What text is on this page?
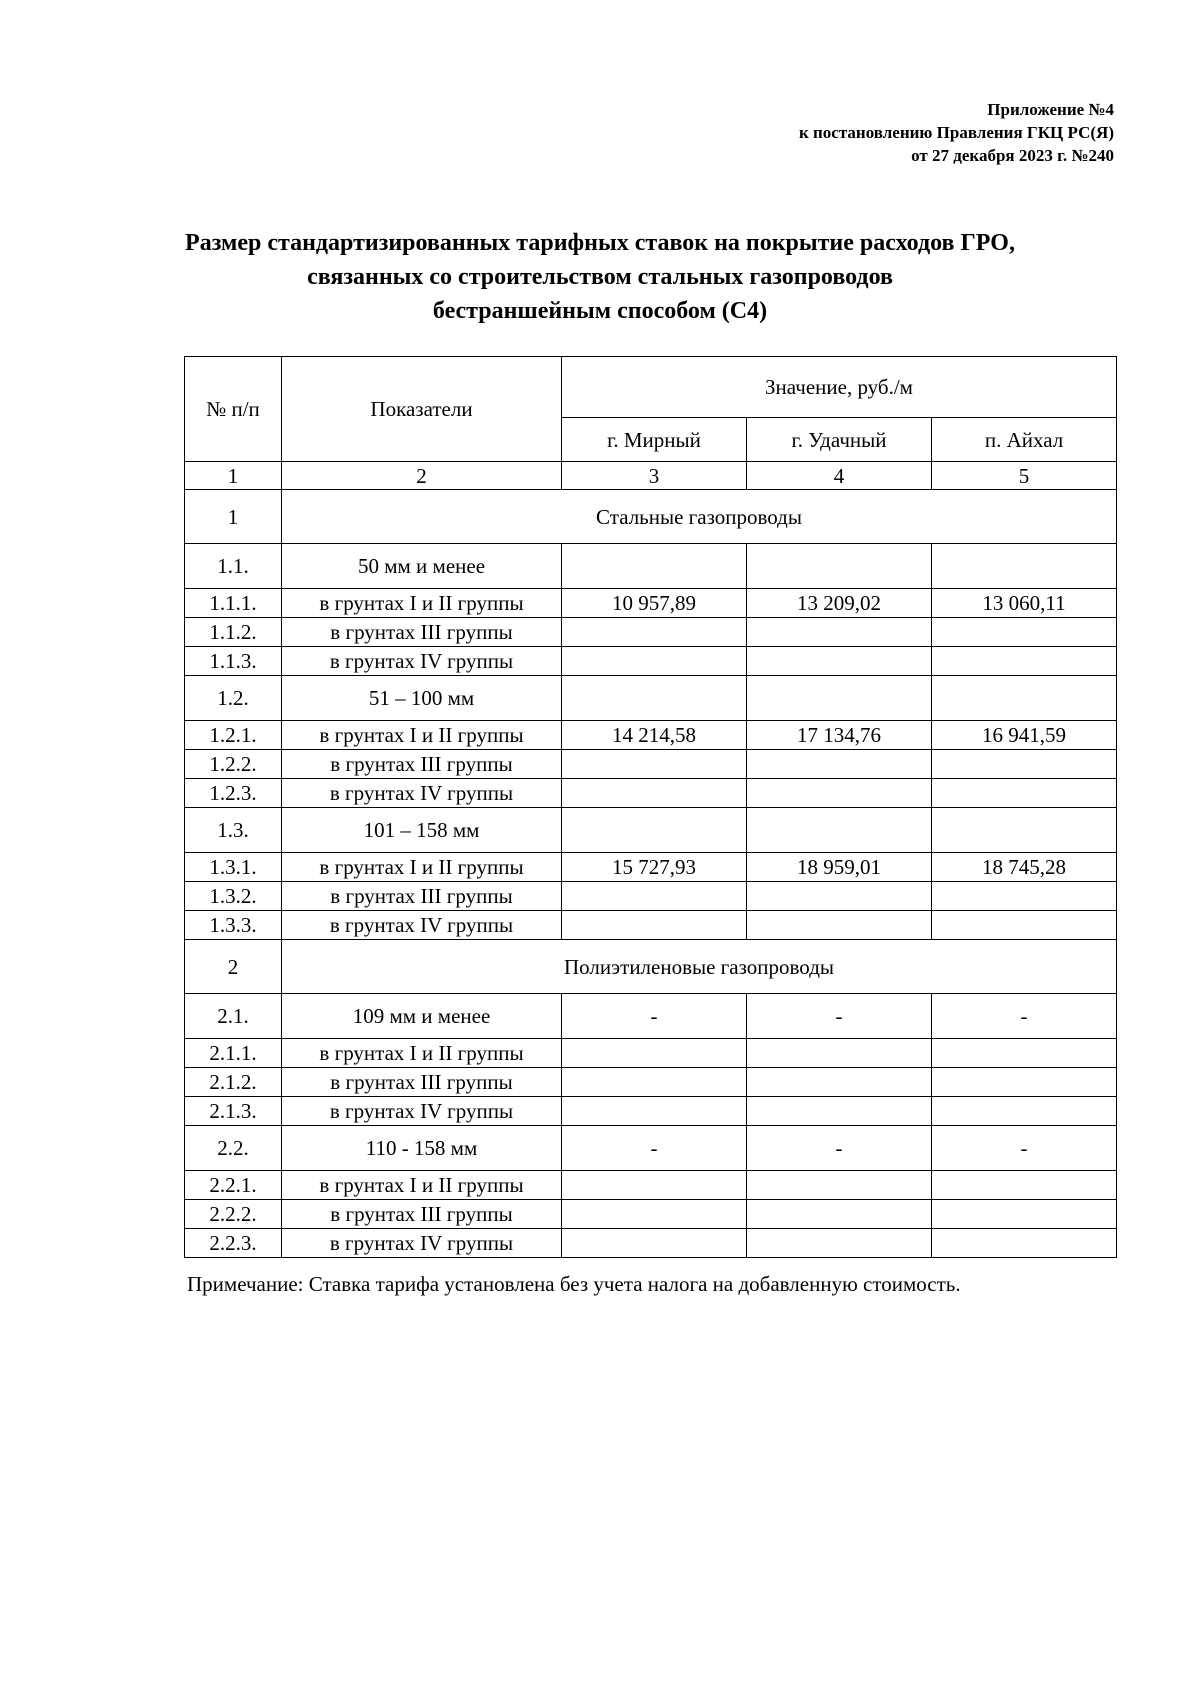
Приложение №4
к постановлению Правления ГКЦ РС(Я)
от 27 декабря 2023 г. №240
Размер стандартизированных тарифных ставок на покрытие расходов ГРО,
связанных со строительством стальных газопроводов
бестраншейным способом (С4)
№ п/п	Показатели	Значение, руб./м		
		г. Мирный	г. Удачный	п. Айхал
1	2	3	4	5
1	Стальные газопроводы			
1.1.	50 мм и менее			
1.1.1.	в грунтах I и II группы	10 957,89	13 209,02	13 060,11
1.1.2.	в грунтах III группы			
1.1.3.	в грунтах IV группы			
1.2.	51 – 100 мм			
1.2.1.	в грунтах I и II группы	14 214,58	17 134,76	16 941,59
1.2.2.	в грунтах III группы			
1.2.3.	в грунтах IV группы			
1.3.	101 – 158 мм			
1.3.1.	в грунтах I и II группы	15 727,93	18 959,01	18 745,28
1.3.2.	в грунтах III группы			
1.3.3.	в грунтах IV группы			
2	Полиэтиленовые газопроводы			
2.1.	109 мм и менее	-	-	-
2.1.1.	в грунтах I и II группы			
2.1.2.	в грунтах III группы			
2.1.3.	в грунтах IV группы			
2.2.	110 - 158 мм	-	-	-
2.2.1.	в грунтах I и II группы			
2.2.2.	в грунтах III группы			
2.2.3.	в грунтах IV группы			
Примечание: Ставка тарифа установлена без учета налога на добавленную стоимость.
